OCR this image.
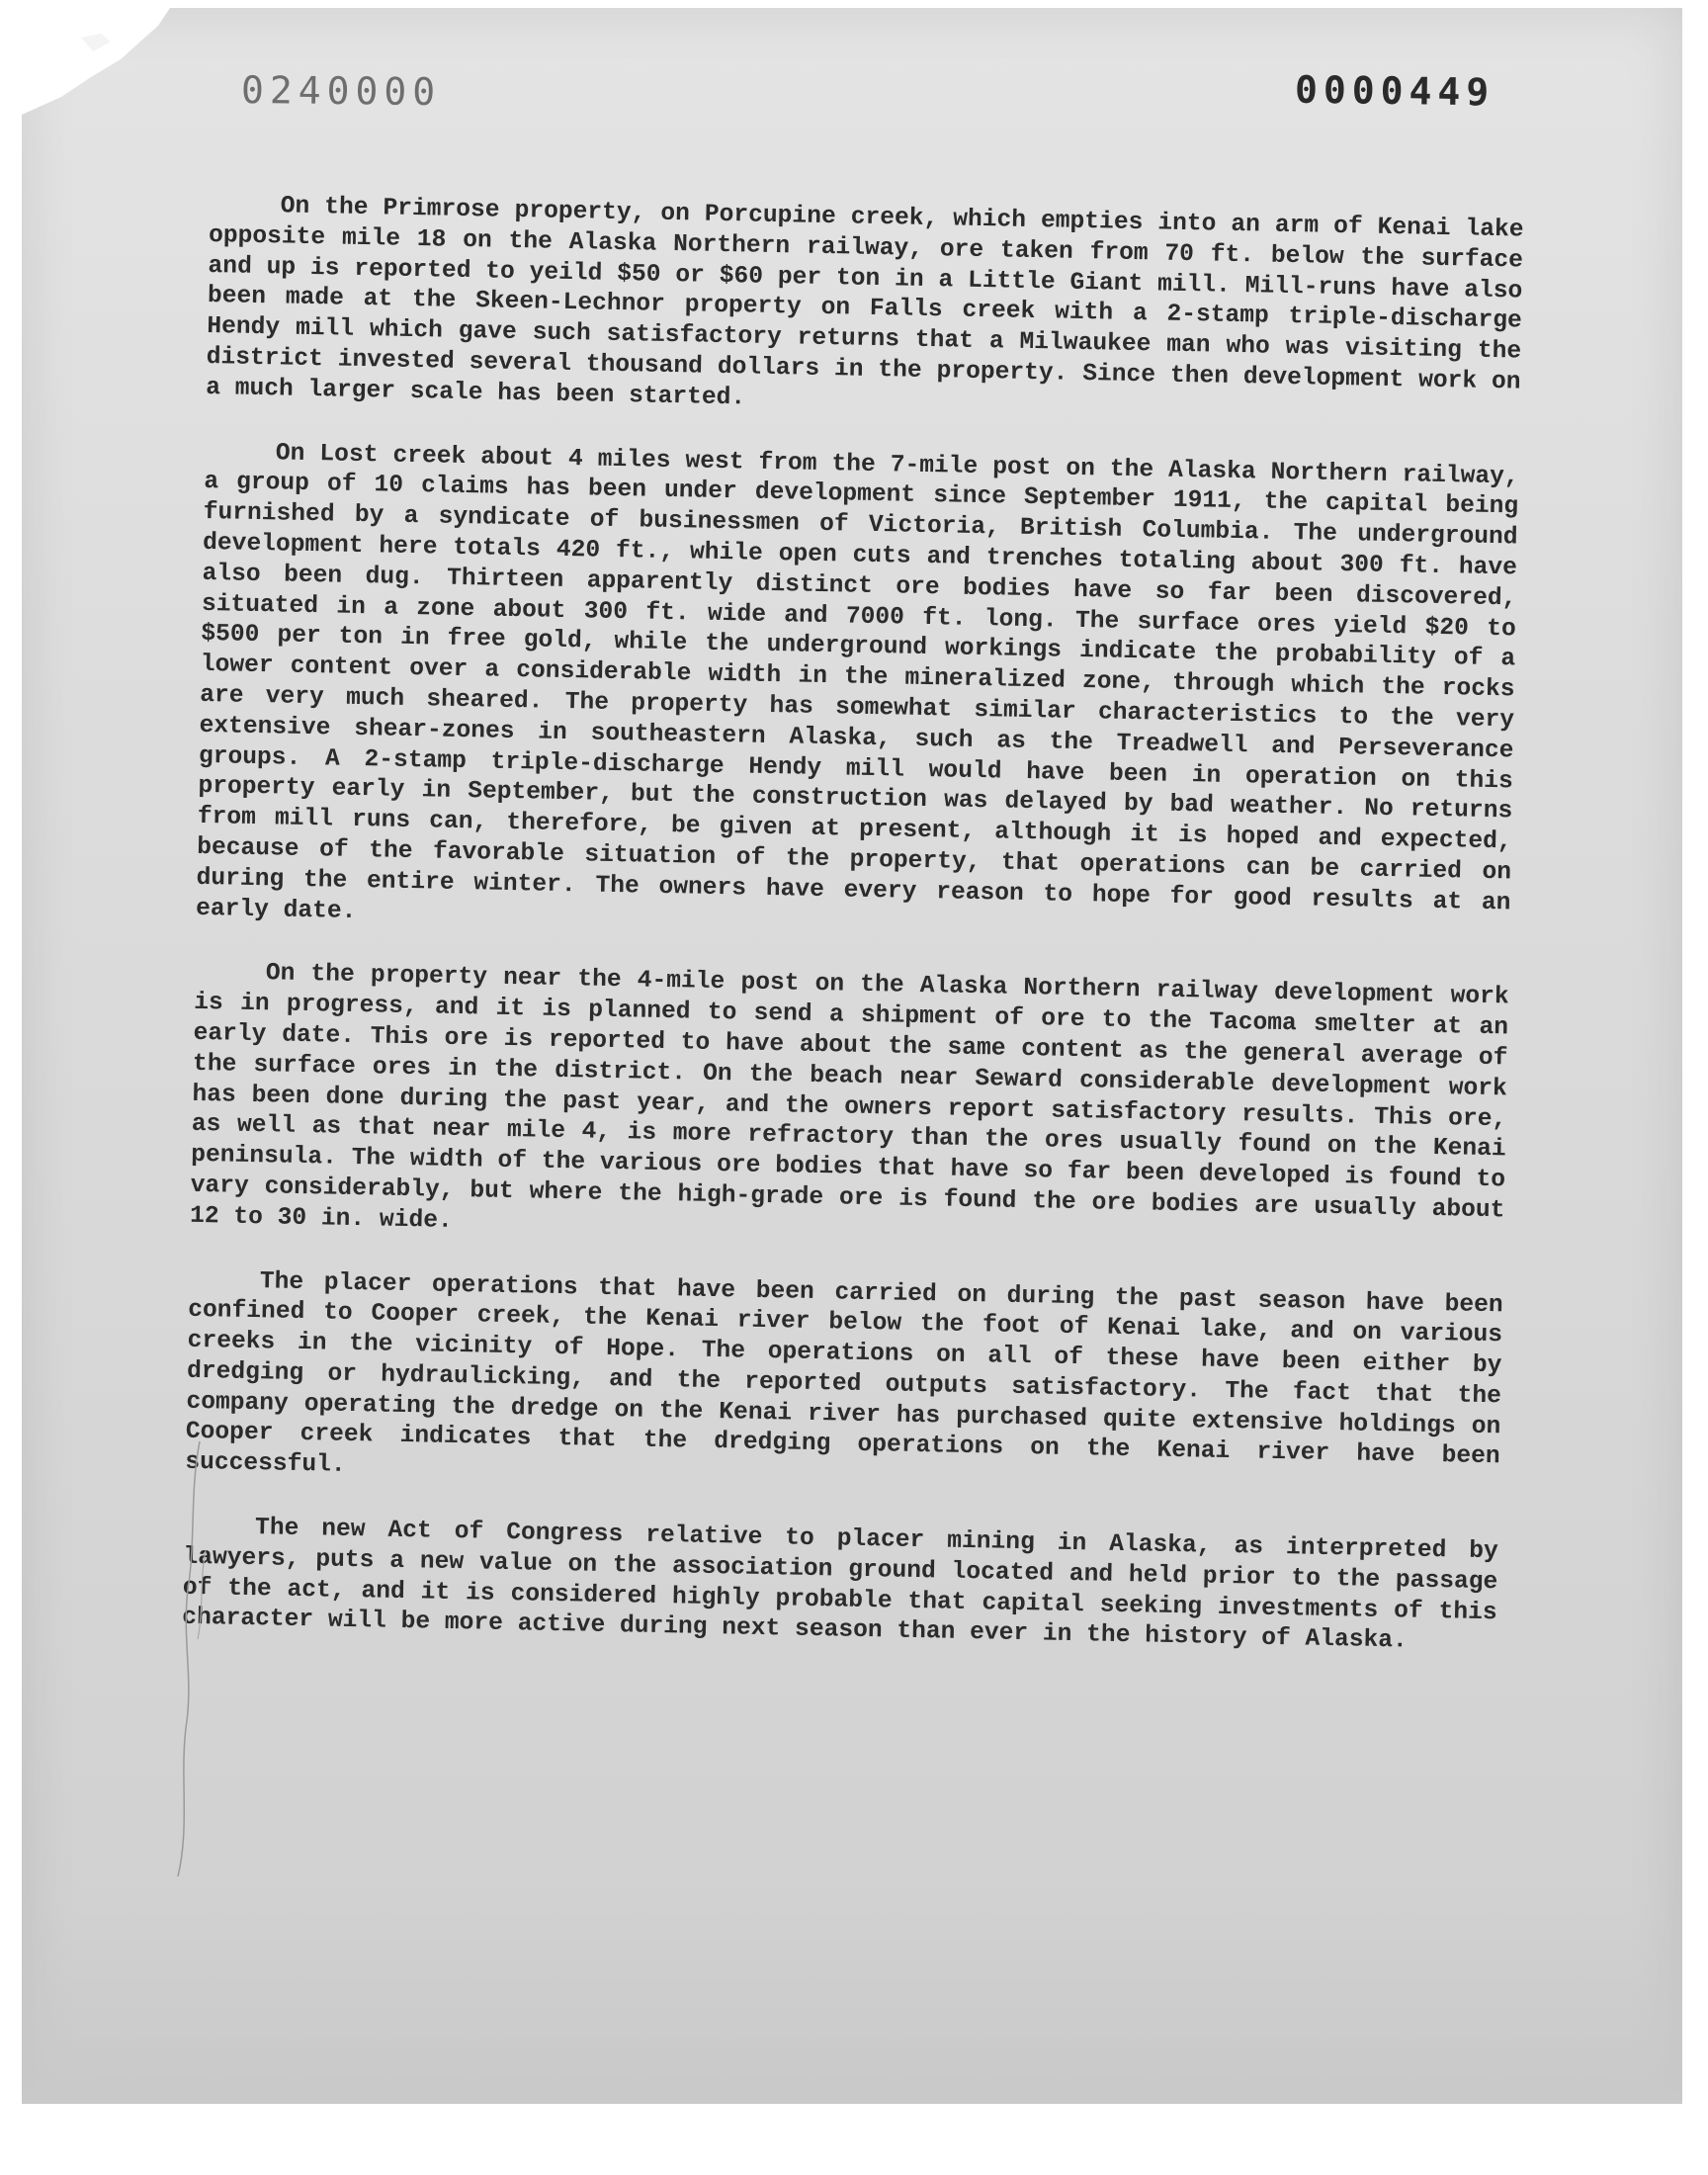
0240000	0000449

On the Primrose property, on Porcupine creek, which empties into an arm of Kenai lake opposite mile 18 on the Alaska Northern railway, ore taken from 70 ft. below the surface and up is reported to yeild $50 or $60 per ton in a Little Giant mill. Mill-runs have also been made at the Skeen-Lechnor property on Falls creek with a 2-stamp triple-discharge Hendy mill which gave such satisfactory returns that a Milwaukee man who was visiting the district invested several thousand dollars in the property. Since then development work on a much larger scale has been started.

On Lost creek about 4 miles west from the 7-mile post on the Alaska Northern railway, a group of 10 claims has been under development since September 1911, the capital being furnished by a syndicate of businessmen of Victoria, British Columbia. The underground development here totals 420 ft., while open cuts and trenches totaling about 300 ft. have also been dug. Thirteen apparently distinct ore bodies have so far been discovered, situated in a zone about 300 ft. wide and 7000 ft. long. The surface ores yield $20 to $500 per ton in free gold, while the underground workings indicate the probability of a lower content over a considerable width in the mineralized zone, through which the rocks are very much sheared. The property has somewhat similar characteristics to the very extensive shear-zones in southeastern Alaska, such as the Treadwell and Perseverance groups. A 2-stamp triple-discharge Hendy mill would have been in operation on this property early in September, but the construction was delayed by bad weather. No returns from mill runs can, therefore, be given at present, although it is hoped and expected, because of the favorable situation of the property, that operations can be carried on during the entire winter. The owners have every reason to hope for good results at an early date.

On the property near the 4-mile post on the Alaska Northern railway development work is in progress, and it is planned to send a shipment of ore to the Tacoma smelter at an early date. This ore is reported to have about the same content as the general average of the surface ores in the district. On the beach near Seward considerable development work has been done during the past year, and the owners report satisfactory results. This ore, as well as that near mile 4, is more refractory than the ores usually found on the Kenai peninsula. The width of the various ore bodies that have so far been developed is found to vary considerably, but where the high-grade ore is found the ore bodies are usually about 12 to 30 in. wide.

The placer operations that have been carried on during the past season have been confined to Cooper creek, the Kenai river below the foot of Kenai lake, and on various creeks in the vicinity of Hope. The operations on all of these have been either by dredging or hydraulicking, and the reported outputs satisfactory. The fact that the company operating the dredge on the Kenai river has purchased quite extensive holdings on Cooper creek indicates that the dredging operations on the Kenai river have been successful.

The new Act of Congress relative to placer mining in Alaska, as interpreted by lawyers, puts a new value on the association ground located and held prior to the passage of the act, and it is considered highly probable that capital seeking investments of this character will be more active during next season than ever in the history of Alaska.
